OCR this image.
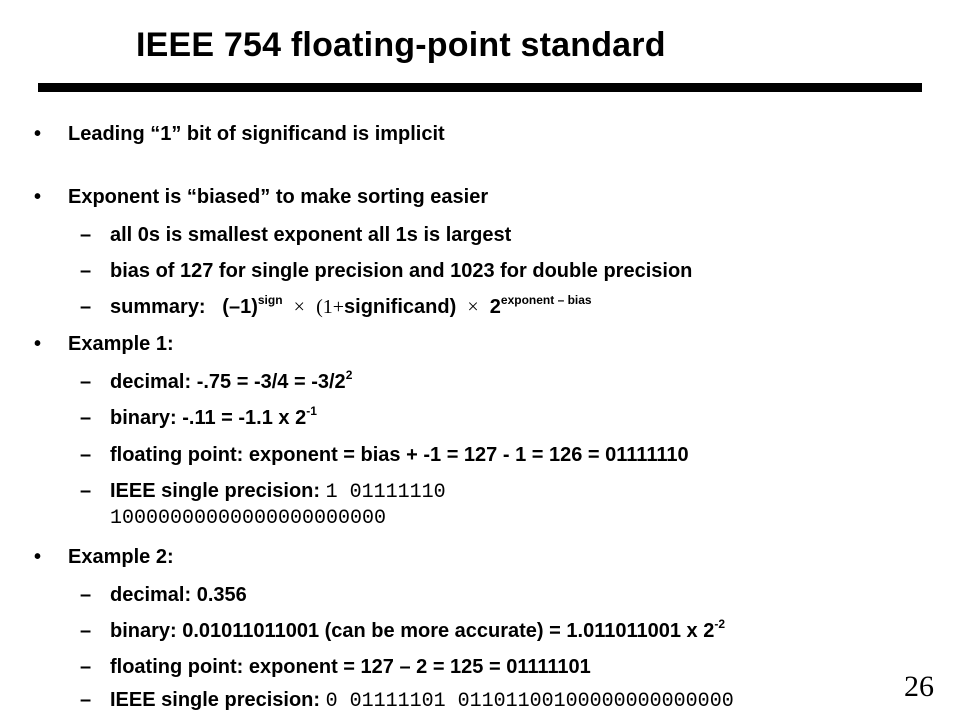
IEEE 754 floating-point standard
• Leading “1” bit of significand is implicit
• Exponent is “biased” to make sorting easier
– all 0s is smallest exponent all 1s is largest
– bias of 127 for single precision and 1023 for double precision
– summary: $(-1)^{sign}$ × (1+significand) × $2^{exponent - bias}$
• Example 1:
– decimal: $-.75 = -3/4 = -3/2^2$
– binary: -.11 = -1.1 x $2^{-1}$
– floating point: exponent = bias + -1 = 127 - 1 = 126 = 01111110
– IEEE single precision: 1 01111110
10000000000000000000000
• Example 2:
– decimal: 0.356
– binary: 0.01011011001 (can be more accurate) = 1.011011001 x $2^{-2}$
– floating point: exponent = 127 – 2 = 125 = 01111101
– IEEE single precision: 0 01111101 01101100100000000000000	26
